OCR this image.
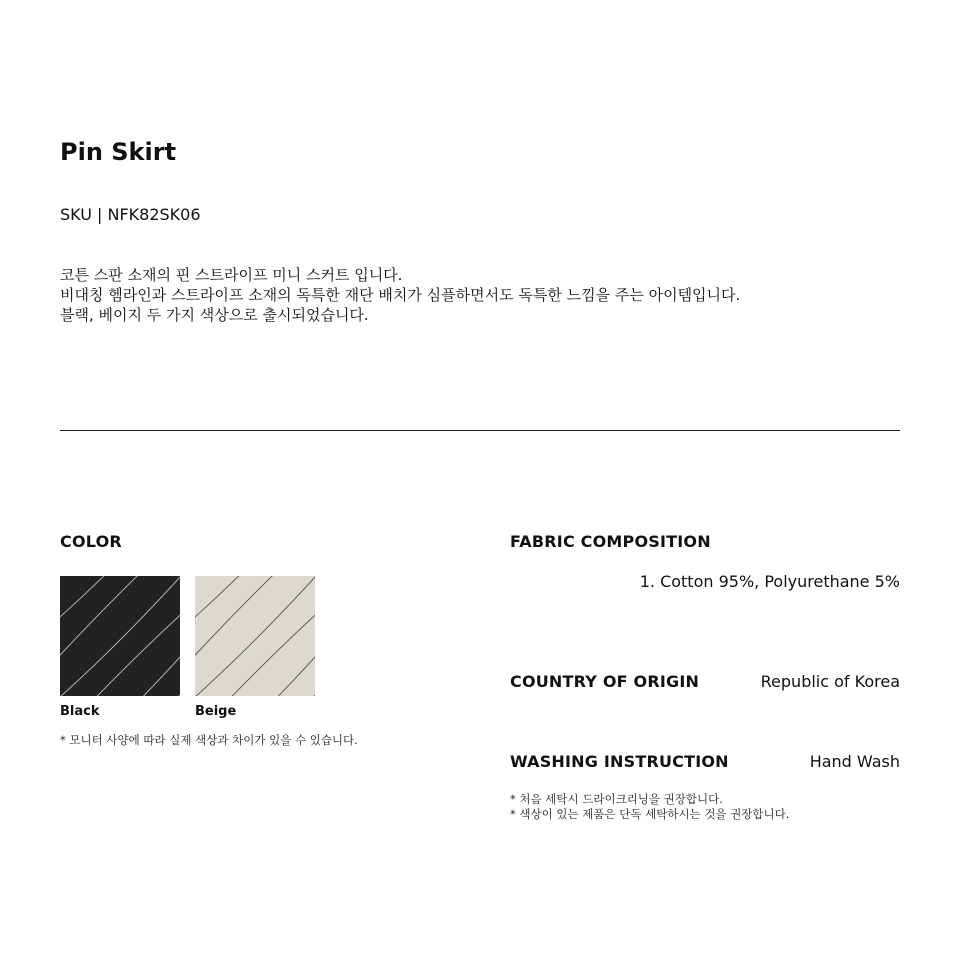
Pin Skirt
SKU | NFK82SK06
코튼 스판 소재의 핀 스트라이프 미니 스커트 입니다.
비대칭 헴라인과 스트라이프 소재의 독특한 재단 배치가 심플하면서도 독특한 느낌을 주는 아이템입니다.
블랙, 베이지 두 가지 색상으로 출시되었습니다.
COLOR
Black	Beige
* 모니터 사양에 따라 실제 색상과 차이가 있을 수 있습니다.
FABRIC COMPOSITION
1. Cotton 95%, Polyurethane 5%
COUNTRY OF ORIGIN	Republic of Korea
WASHING INSTRUCTION	Hand Wash
* 처음 세탁시 드라이크리닝을 권장합니다.
* 색상이 있는 제품은 단독 세탁하시는 것을 권장합니다.
